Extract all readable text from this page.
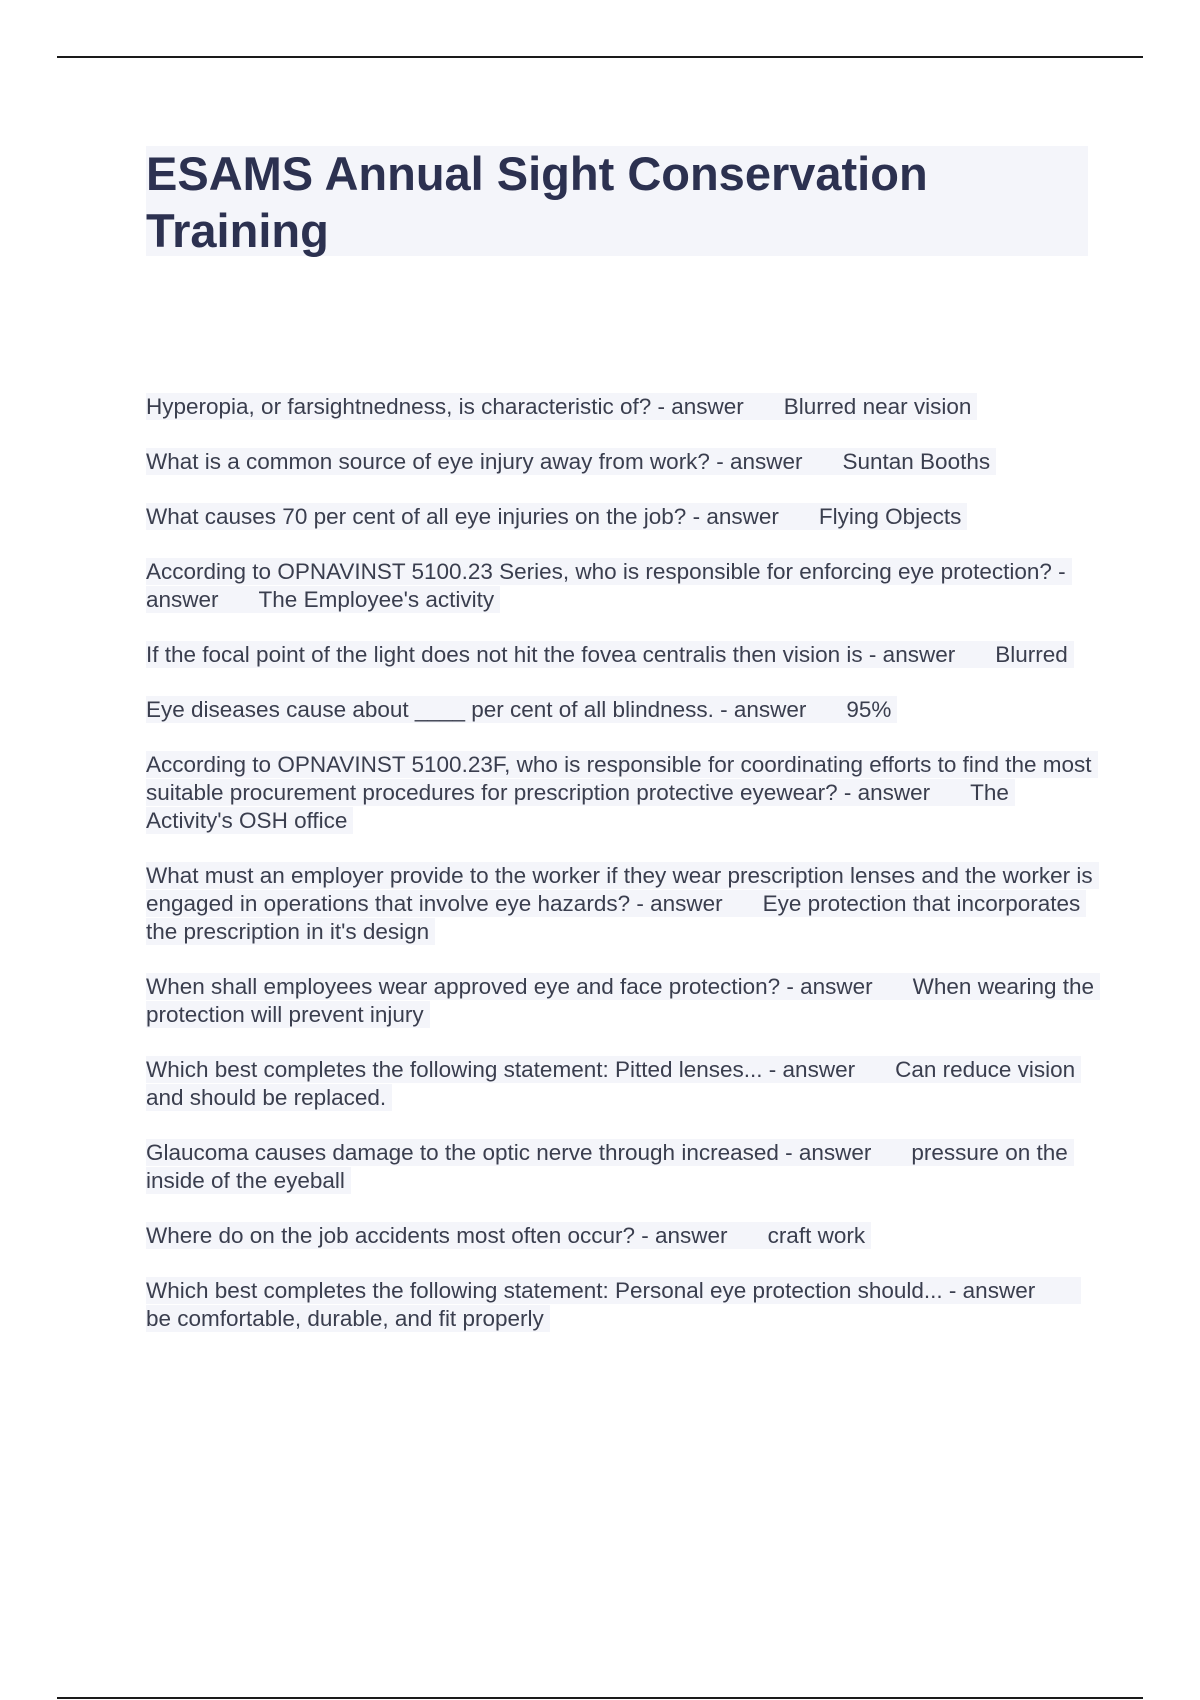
ESAMS Annual Sight Conservation Training

Hyperopia, or farsightnedness, is characteristic of? - answer Blurred near vision

What is a common source of eye injury away from work? - answer Suntan Booths

What causes 70 per cent of all eye injuries on the job? - answer Flying Objects

According to OPNAVINST 5100.23 Series, who is responsible for enforcing eye protection? - answer The Employee's activity

If the focal point of the light does not hit the fovea centralis then vision is - answer Blurred

Eye diseases cause about ____ per cent of all blindness. - answer 95%

According to OPNAVINST 5100.23F, who is responsible for coordinating efforts to find the most suitable procurement procedures for prescription protective eyewear? - answer The Activity's OSH office

What must an employer provide to the worker if they wear prescription lenses and the worker is engaged in operations that involve eye hazards? - answer Eye protection that incorporates the prescription in it's design

When shall employees wear approved eye and face protection? - answer When wearing the protection will prevent injury

Which best completes the following statement: Pitted lenses... - answer Can reduce vision and should be replaced.

Glaucoma causes damage to the optic nerve through increased - answer pressure on the inside of the eyeball

Where do on the job accidents most often occur? - answer craft work

Which best completes the following statement: Personal eye protection should... - answerbe comfortable, durable, and fit properly
